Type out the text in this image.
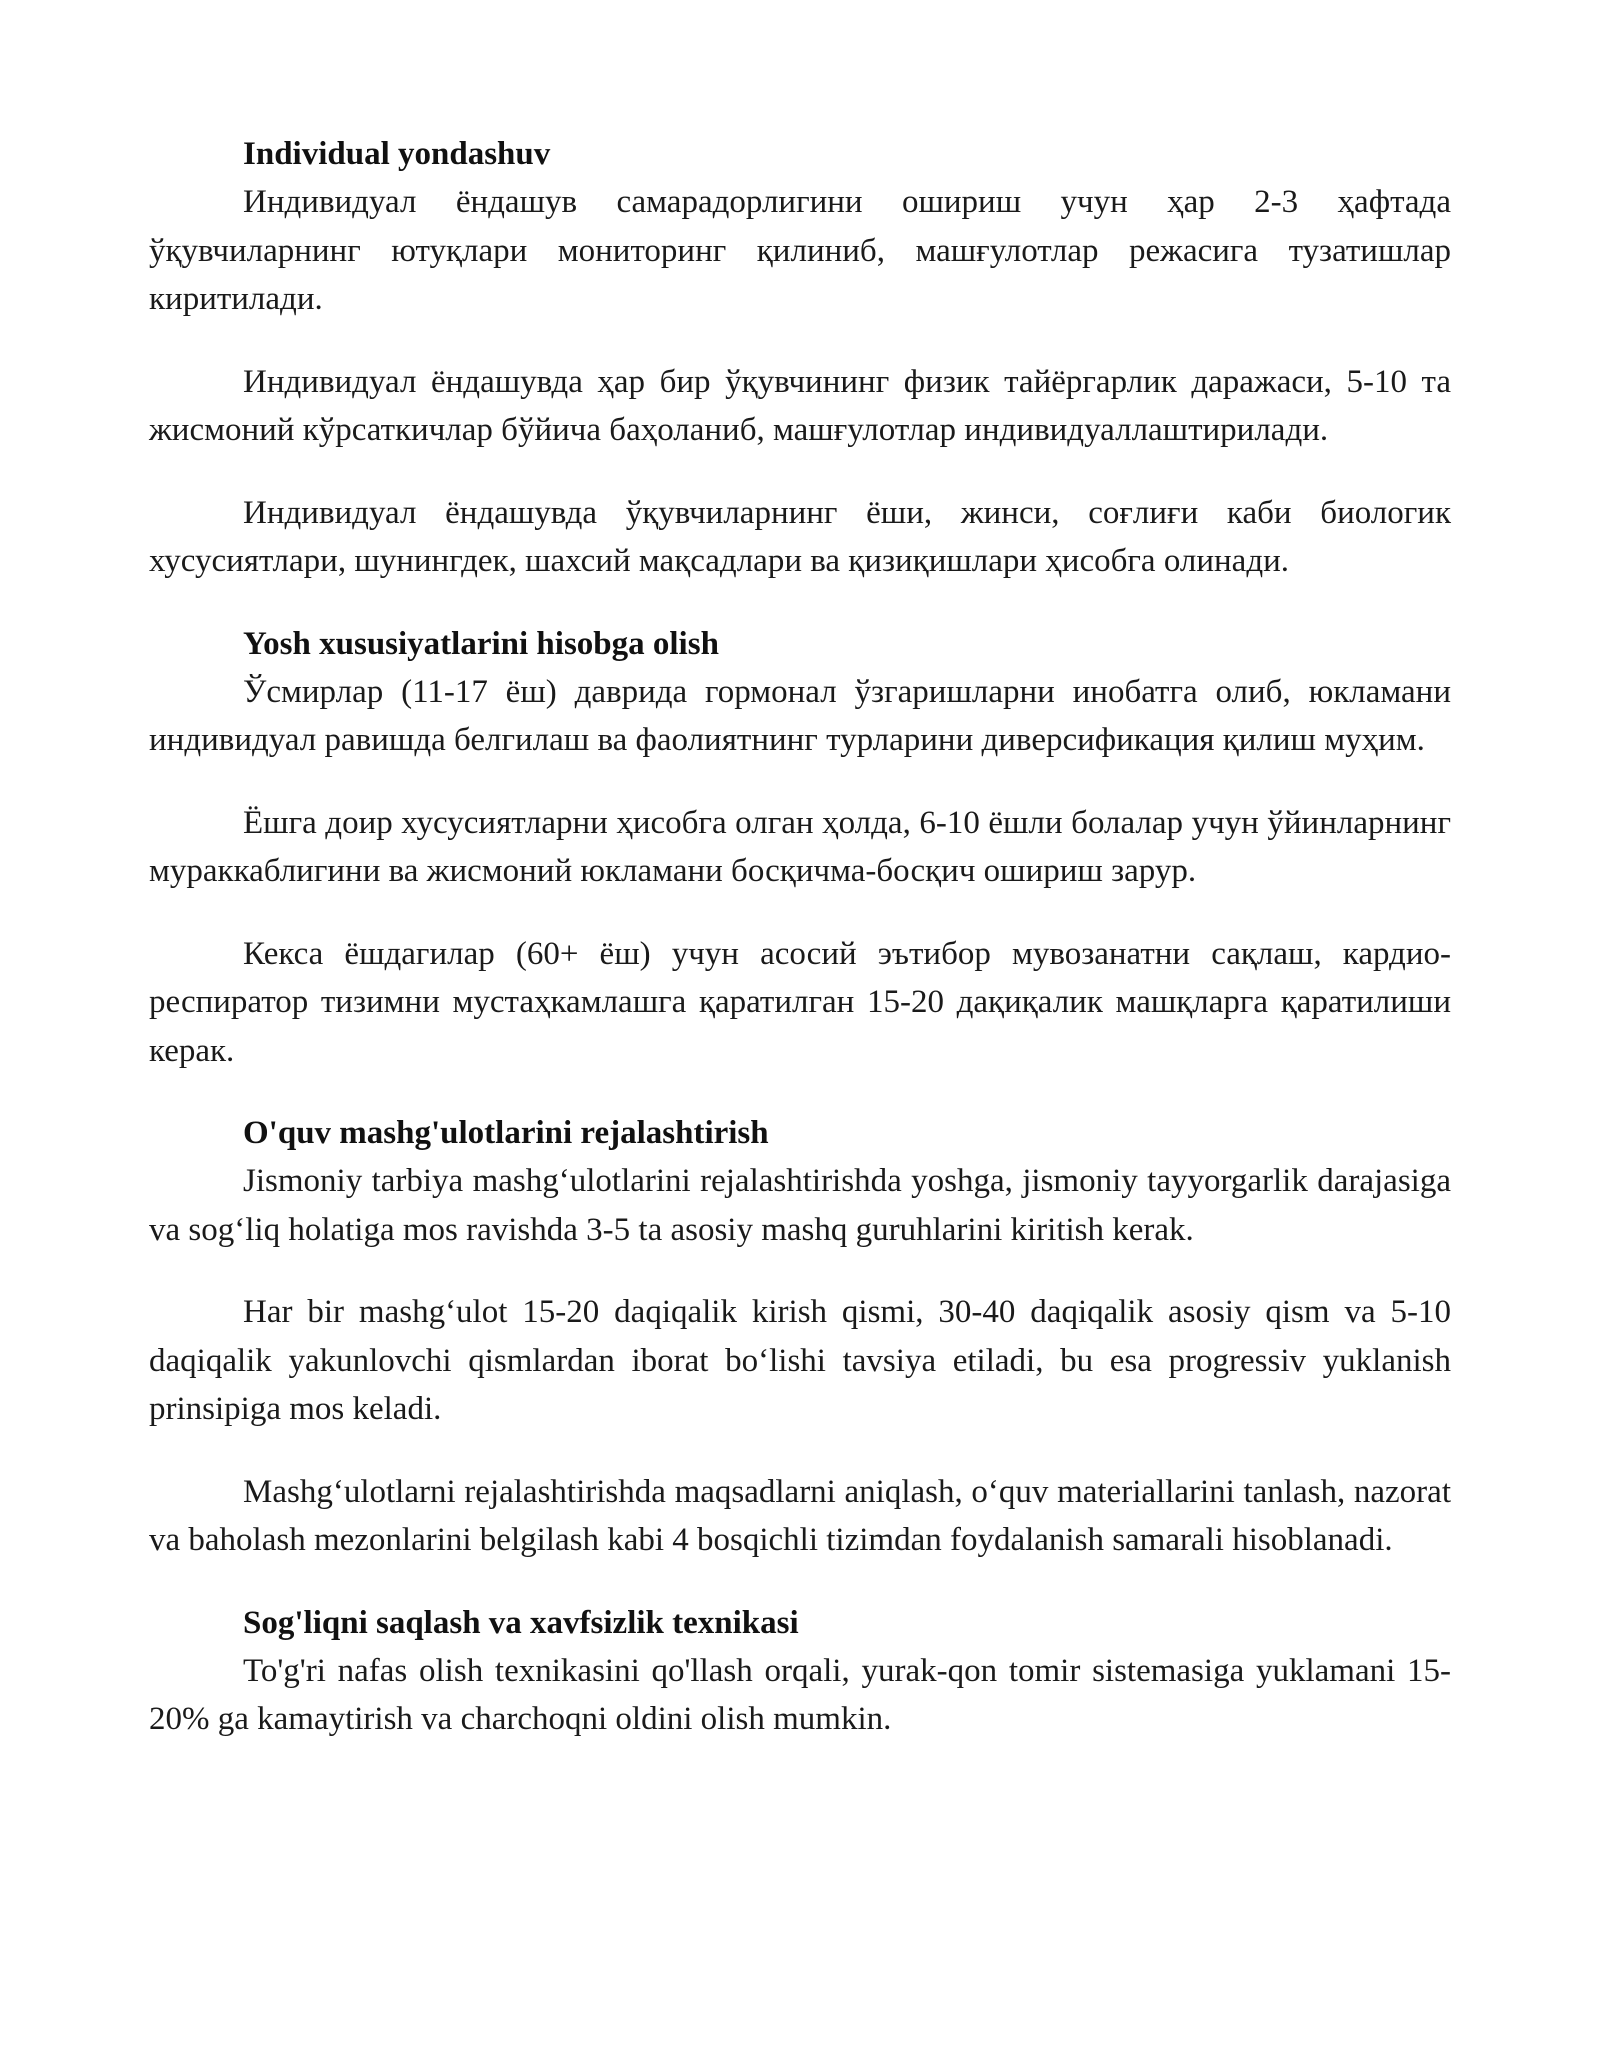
Individual yondashuv

Индивидуал ёндашув самарадорлигини ошириш учун ҳар 2-3 ҳафтада ўқувчиларнинг ютуқлари мониторинг қилиниб, машғулотлар режасига тузатишлар киритилади.

Индивидуал ёндашувда ҳар бир ўқувчининг физик тайёргарлик даражаси, 5-10 та жисмоний кўрсаткичлар бўйича баҳоланиб, машғулотлар индивидуаллаштирилади.

Индивидуал ёндашувда ўқувчиларнинг ёши, жинси, соғлиғи каби биологик хусусиятлари, шунингдек, шахсий мақсадлари ва қизиқишлари ҳисобга олинади.

Yosh xususiyatlarini hisobga olish

Ўсмирлар (11-17 ёш) даврида гормонал ўзгаришларни инобатга олиб, юкламани индивидуал равишда белгилаш ва фаолиятнинг турларини диверсификация қилиш муҳим.

Ёшга доир хусусиятларни ҳисобга олган ҳолда, 6-10 ёшли болалар учун ўйинларнинг мураккаблигини ва жисмоний юкламани босқичма-босқич ошириш зарур.

Кекса ёшдагилар (60+ ёш) учун асосий эътибор мувозанатни сақлаш, кардио-респиратор тизимни мустаҳкамлашга қаратилган 15-20 дақиқалик машқларга қаратилиши керак.

O'quv mashg'ulotlarini rejalashtirish

Jismoniy tarbiya mashg‘ulotlarini rejalashtirishda yoshga, jismoniy tayyorgarlik darajasiga va sog‘liq holatiga mos ravishda 3-5 ta asosiy mashq guruhlarini kiritish kerak.

Har bir mashg‘ulot 15-20 daqiqalik kirish qismi, 30-40 daqiqalik asosiy qism va 5-10 daqiqalik yakunlovchi qismlardan iborat bo‘lishi tavsiya etiladi, bu esa progressiv yuklanish prinsipiga mos keladi.

Mashg‘ulotlarni rejalashtirishda maqsadlarni aniqlash, o‘quv materiallarini tanlash, nazorat va baholash mezonlarini belgilash kabi 4 bosqichli tizimdan foydalanish samarali hisoblanadi.

Sog'liqni saqlash va xavfsizlik texnikasi

To'g'ri nafas olish texnikasini qo'llash orqali, yurak-qon tomir sistemasiga yuklamani 15-20% ga kamaytirish va charchoqni oldini olish mumkin.
